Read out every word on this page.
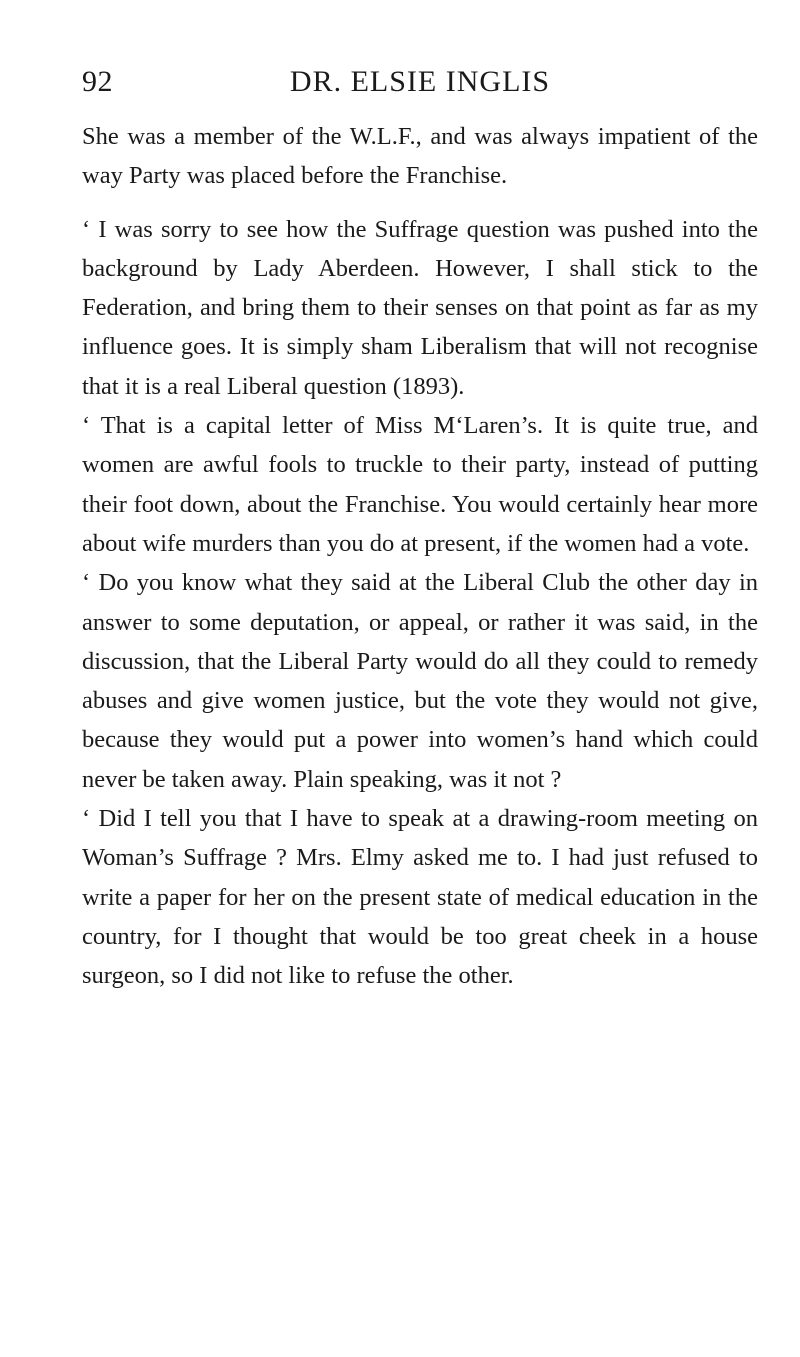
92	DR. ELSIE INGLIS

She was a member of the W.L.F., and was always impatient of the way Party was placed before the Franchise.

‘ I was sorry to see how the Suffrage question was pushed into the background by Lady Aberdeen. However, I shall stick to the Federation, and bring them to their senses on that point as far as my influence goes. It is simply sham Liberalism that will not recognise that it is a real Liberal question (1893).

‘ That is a capital letter of Miss M‘Laren’s. It is quite true, and women are awful fools to truckle to their party, instead of putting their foot down, about the Franchise. You would certainly hear more about wife murders than you do at present, if the women had a vote.

‘ Do you know what they said at the Liberal Club the other day in answer to some deputation, or appeal, or rather it was said, in the discussion, that the Liberal Party would do all they could to remedy abuses and give women justice, but the vote they would not give, because they would put a power into women’s hand which could never be taken away. Plain speaking, was it not ?

‘ Did I tell you that I have to speak at a drawing-room meeting on Woman’s Suffrage ? Mrs. Elmy asked me to. I had just refused to write a paper for her on the present state of medical education in the country, for I thought that would be too great cheek in a house surgeon, so I did not like to refuse the other.
